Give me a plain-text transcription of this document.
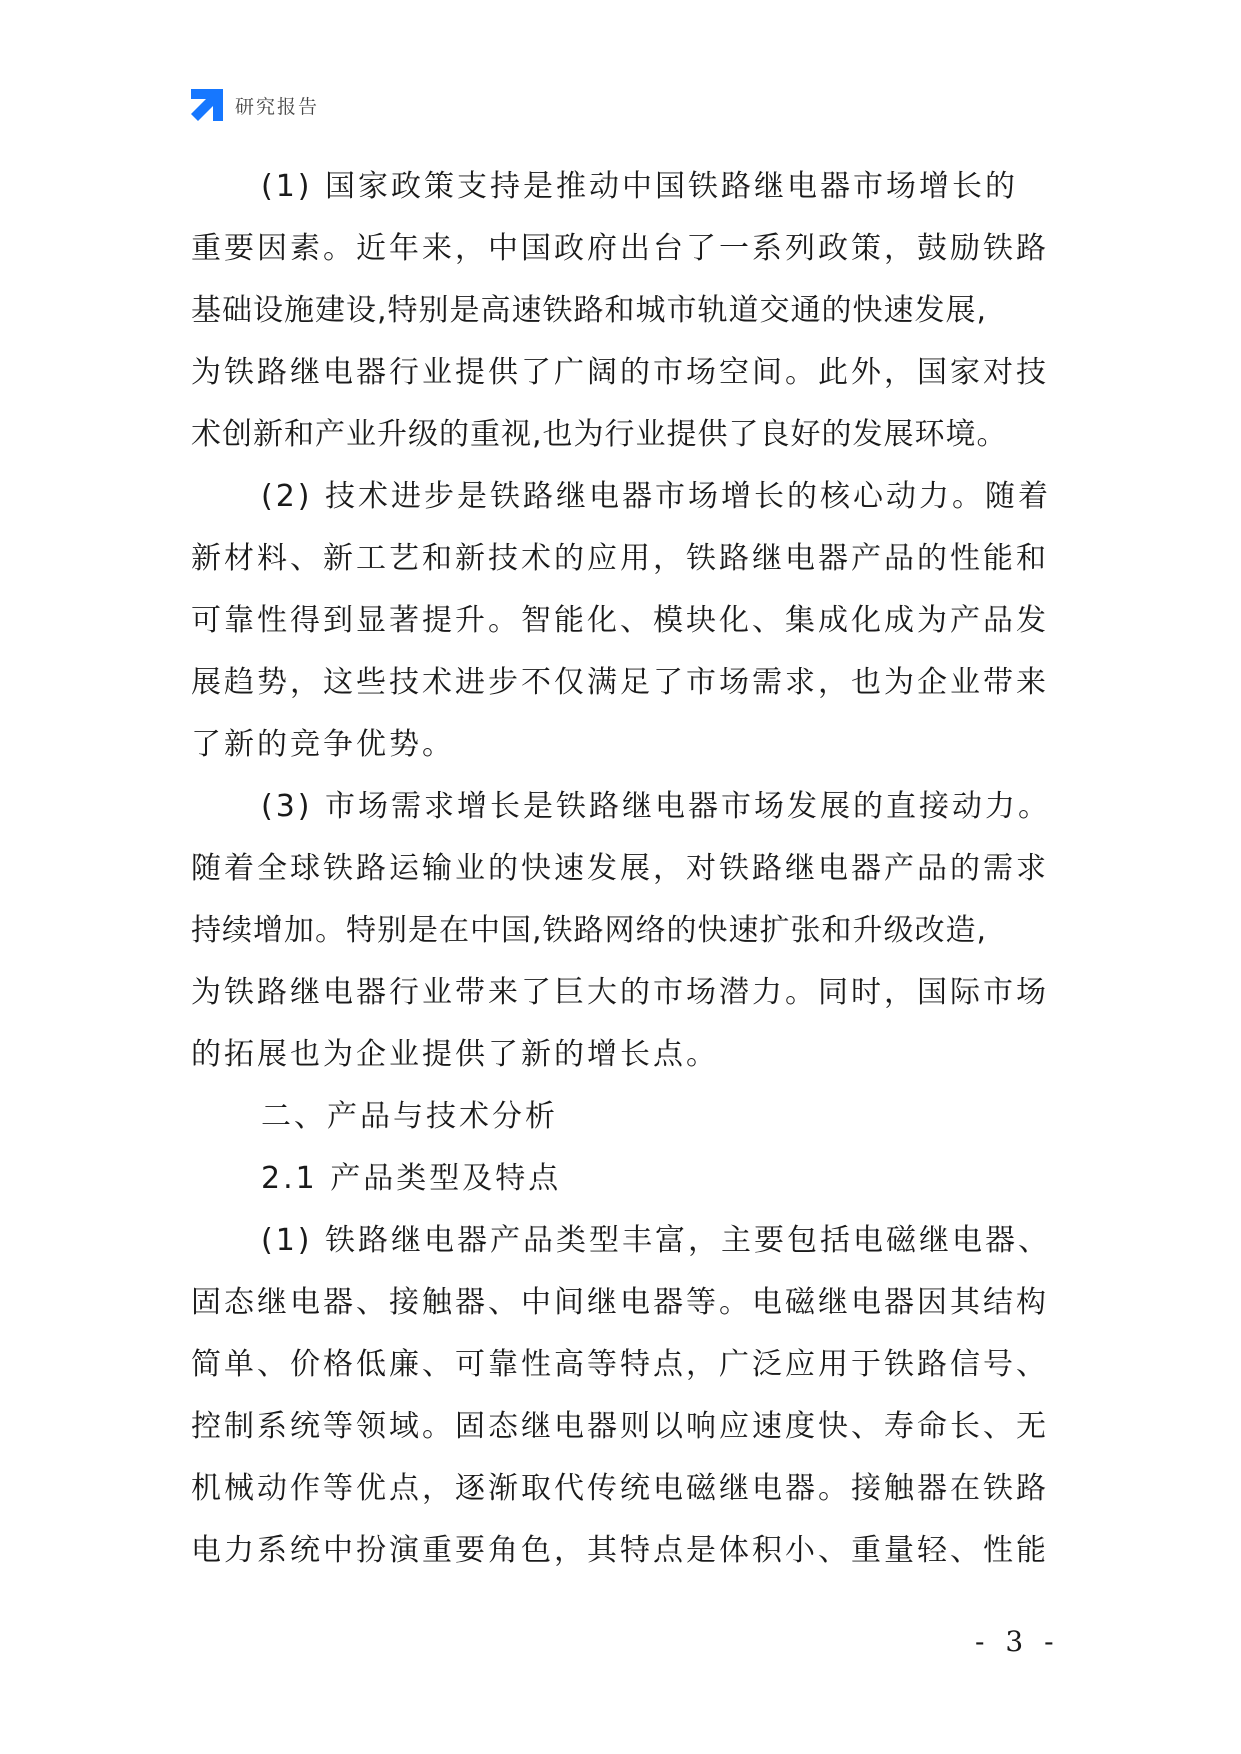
研究报告
(1) 国家政策支持是推动中国铁路继电器市场增长的
重要因素。近年来，中国政府出台了一系列政策，鼓励铁路
基础设施建设,特别是高速铁路和城市轨道交通的快速发展,
为铁路继电器行业提供了广阔的市场空间。此外，国家对技
术创新和产业升级的重视,也为行业提供了良好的发展环境。
(2) 技术进步是铁路继电器市场增长的核心动力。随着
新材料、新工艺和新技术的应用，铁路继电器产品的性能和
可靠性得到显著提升。智能化、模块化、集成化成为产品发
展趋势，这些技术进步不仅满足了市场需求，也为企业带来
了新的竞争优势。
(3) 市场需求增长是铁路继电器市场发展的直接动力。
随着全球铁路运输业的快速发展，对铁路继电器产品的需求
持续增加。特别是在中国,铁路网络的快速扩张和升级改造,
为铁路继电器行业带来了巨大的市场潜力。同时，国际市场
的拓展也为企业提供了新的增长点。
二、产品与技术分析
2.1 产品类型及特点
(1) 铁路继电器产品类型丰富，主要包括电磁继电器、
固态继电器、接触器、中间继电器等。电磁继电器因其结构
简单、价格低廉、可靠性高等特点，广泛应用于铁路信号、
控制系统等领域。固态继电器则以响应速度快、寿命长、无
机械动作等优点，逐渐取代传统电磁继电器。接触器在铁路
电力系统中扮演重要角色，其特点是体积小、重量轻、性能
- 3 -
